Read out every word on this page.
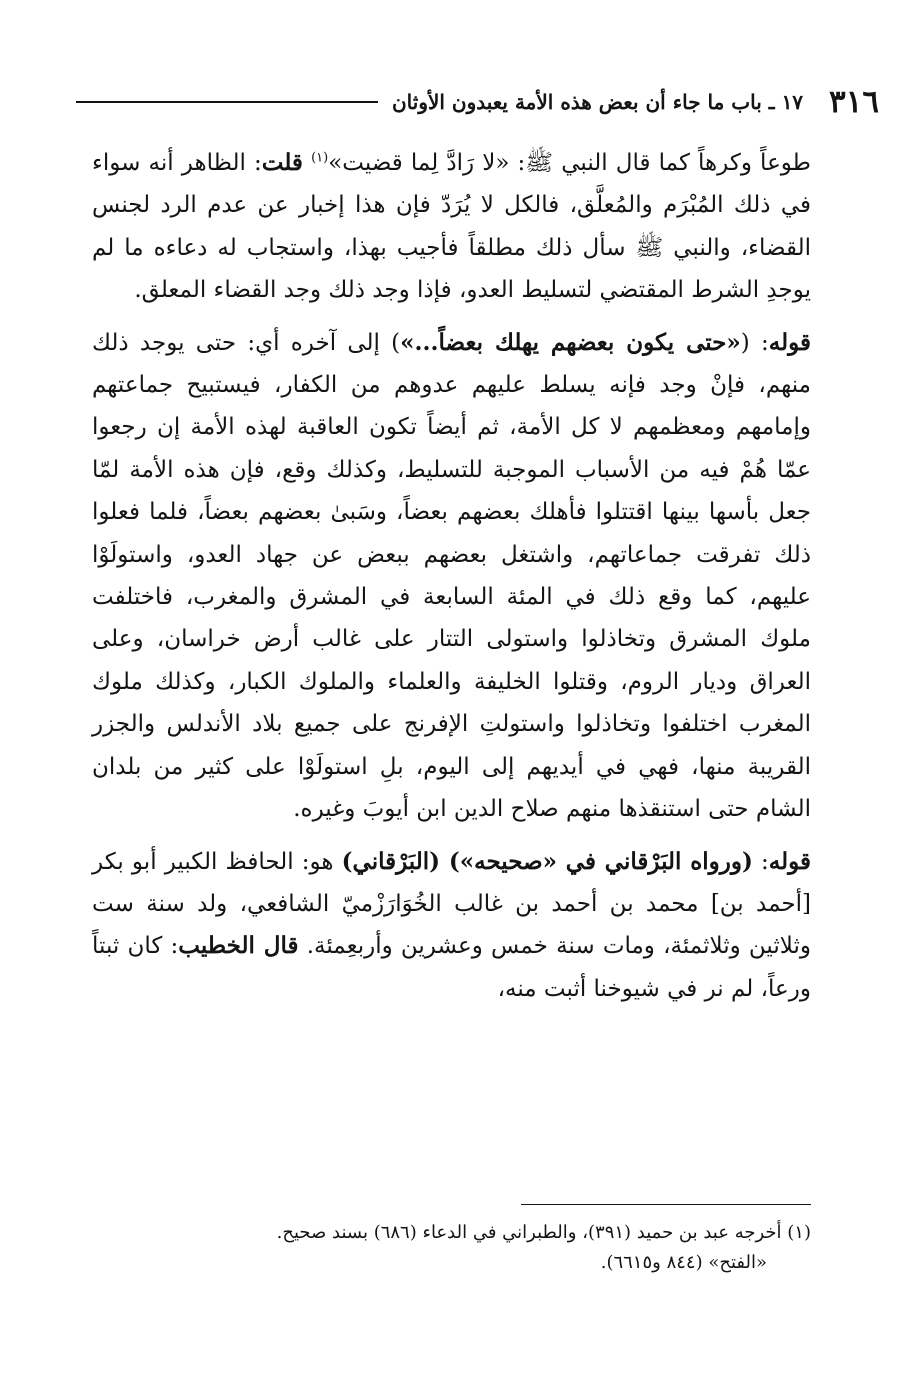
٣١٦
١٧ ـ باب ما جاء أن بعض هذه الأمة يعبدون الأوثان

طوعاً وكرهاً كما قال النبي ﷺ: «لا رَادَّ لِما قضيت»$^{(١)}$ قلت: الظاهر أنه سواء في ذلك المُبْرَم والمُعلَّق، فالكل لا يُرَدّ فإن هذا إخبار عن عدم الرد لجنس القضاء، والنبي ﷺ سأل ذلك مطلقاً فأجيب بهذا، واستجاب له دعاءه ما لم يوجدِ الشرط المقتضي لتسليط العدو، فإذا وجد ذلك وجد القضاء المعلق.

قوله: («حتى يكون بعضهم يهلك بعضاً...») إلى آخره أي: حتى يوجد ذلك منهم، فإنْ وجد فإنه يسلط عليهم عدوهم من الكفار، فيستبيح جماعتهم وإمامهم ومعظمهم لا كل الأمة، ثم أيضاً تكون العاقبة لهذه الأمة إن رجعوا عمّا هُمْ فيه من الأسباب الموجبة للتسليط، وكذلك وقع، فإن هذه الأمة لمّا جعل بأسها بينها اقتتلوا فأهلك بعضهم بعضاً، وسَبىٰ بعضهم بعضاً، فلما فعلوا ذلك تفرقت جماعاتهم، واشتغل بعضهم ببعض عن جهاد العدو، واستولَوْا عليهم، كما وقع ذلك في المئة السابعة في المشرق والمغرب، فاختلفت ملوك المشرق وتخاذلوا واستولى التتار على غالب أرض خراسان، وعلى العراق وديار الروم، وقتلوا الخليفة والعلماء والملوك الكبار، وكذلك ملوك المغرب اختلفوا وتخاذلوا واستولتِ الإفرنج على جميع بلاد الأندلس والجزر القريبة منها، فهي في أيديهم إلى اليوم، بلِ استولَوْا على كثير من بلدان الشام حتى استنقذها منهم صلاح الدين ابن أيوبَ وغيره.

قوله: (ورواه البَرْقاني في «صحيحه») (البَرْقاني) هو: الحافظ الكبير أبو بكر [أحمد بن] محمد بن أحمد بن غالب الخُوَارَزْميّ الشافعي، ولد سنة ست وثلاثين وثلاثمئة، ومات سنة خمس وعشرين وأربعِمئة. قال الخطيب: كان ثبتاً ورعاً، لم نر في شيوخنا أثبت منه،

(١) أخرجه عبد بن حميد (٣٩١)، والطبراني في الدعاء (٦٨٦) بسند صحيح.

«الفتح» (٨٤٤ و٦٦١٥).
